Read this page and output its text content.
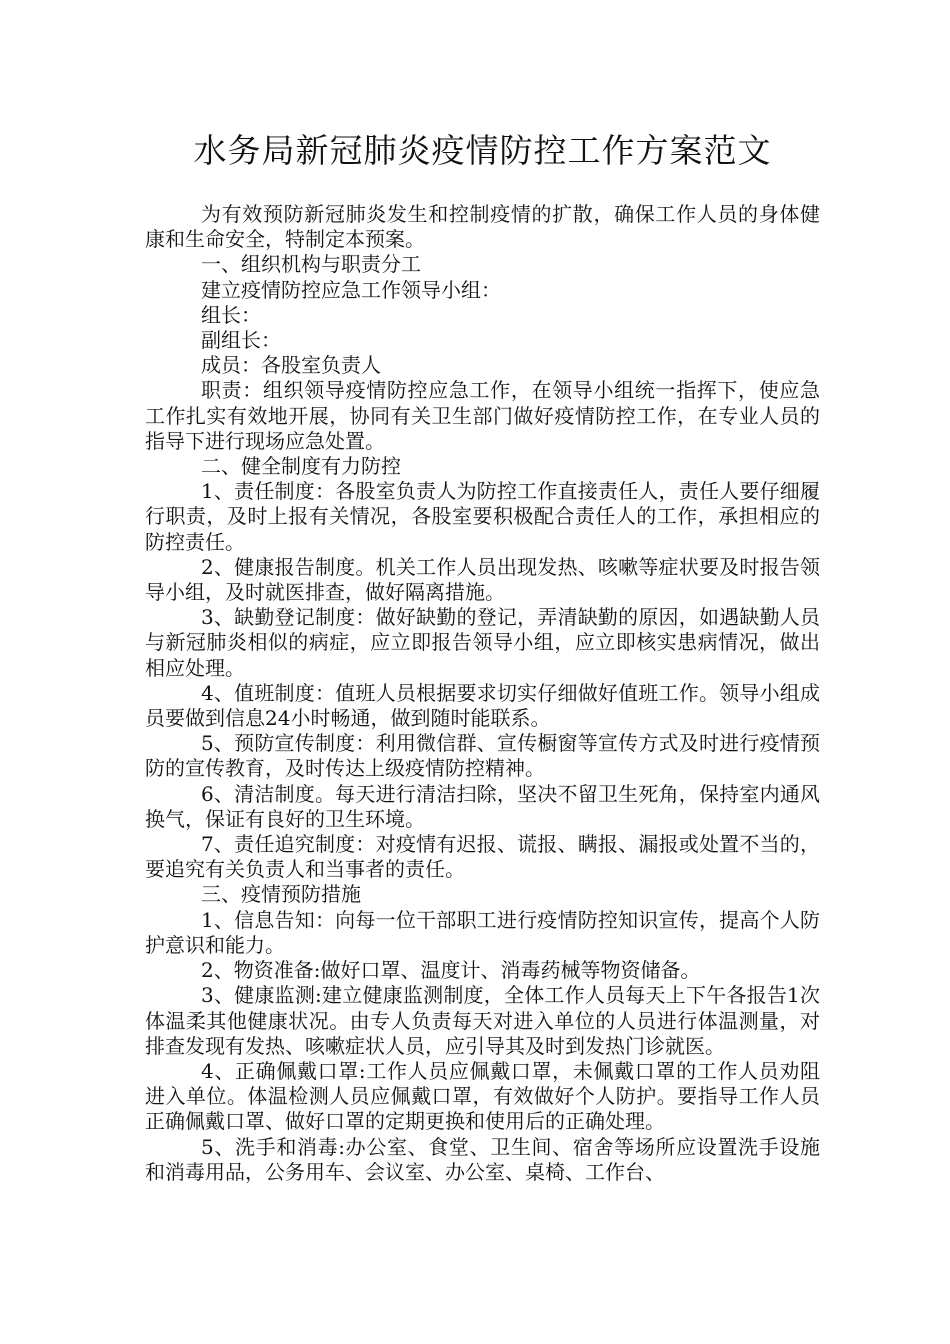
水务局新冠肺炎疫情防控工作方案范文

为有效预防新冠肺炎发生和控制疫情的扩散，确保工作人员的身体健康和生命安全，特制定本预案。

一、组织机构与职责分工

建立疫情防控应急工作领导小组：

组长：

副组长：

成员：各股室负责人

职责：组织领导疫情防控应急工作，在领导小组统一指挥下，使应急工作扎实有效地开展，协同有关卫生部门做好疫情防控工作，在专业人员的指导下进行现场应急处置。

二、健全制度有力防控

1、责任制度：各股室负责人为防控工作直接责任人，责任人要仔细履行职责，及时上报有关情况，各股室要积极配合责任人的工作，承担相应的防控责任。

2、健康报告制度。机关工作人员出现发热、咳嗽等症状要及时报告领导小组，及时就医排查，做好隔离措施。

3、缺勤登记制度：做好缺勤的登记，弄清缺勤的原因，如遇缺勤人员与新冠肺炎相似的病症，应立即报告领导小组，应立即核实患病情况，做出相应处理。

4、值班制度：值班人员根据要求切实仔细做好值班工作。领导小组成员要做到信息24小时畅通，做到随时能联系。

5、预防宣传制度：利用微信群、宣传橱窗等宣传方式及时进行疫情预防的宣传教育，及时传达上级疫情防控精神。

6、清洁制度。每天进行清洁扫除，坚决不留卫生死角，保持室内通风换气，保证有良好的卫生环境。

7、责任追究制度：对疫情有迟报、谎报、瞒报、漏报或处置不当的，要追究有关负责人和当事者的责任。

三、疫情预防措施

1、信息告知：向每一位干部职工进行疫情防控知识宣传，提高个人防护意识和能力。

2、物资准备:做好口罩、温度计、消毒药械等物资储备。

3、健康监测:建立健康监测制度，全体工作人员每天上下午各报告1次体温柔其他健康状况。由专人负责每天对进入单位的人员进行体温测量，对排查发现有发热、咳嗽症状人员，应引导其及时到发热门诊就医。

4、正确佩戴口罩:工作人员应佩戴口罩，未佩戴口罩的工作人员劝阻进入单位。体温检测人员应佩戴口罩，有效做好个人防护。要指导工作人员正确佩戴口罩、做好口罩的定期更换和使用后的正确处理。

5、洗手和消毒:办公室、食堂、卫生间、宿舍等场所应设置洗手设施和消毒用品，公务用车、会议室、办公室、桌椅、工作台、
